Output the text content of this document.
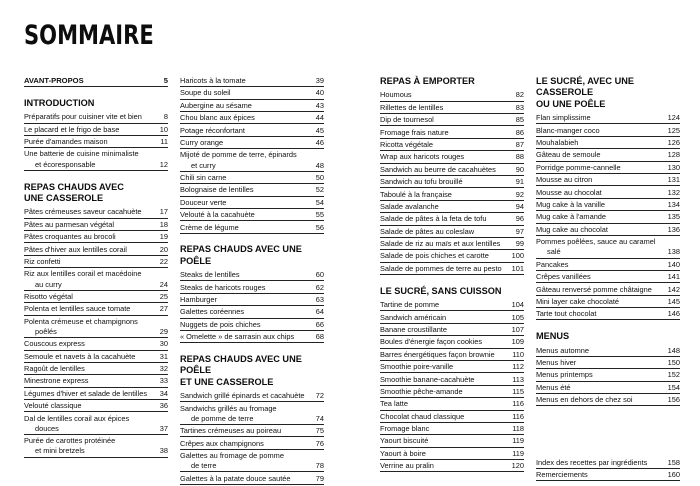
SOMMAIRE
AVANT-PROPOS	5
INTRODUCTION
Préparatifs pour cuisiner vite et bien	8
Le placard et le frigo de base	10
Purée d'amandes maison	11
Une batterie de cuisine minimaliste
et écoresponsable	12
REPAS CHAUDS AVEC
UNE CASSEROLE
Pâtes crémeuses saveur cacahuète	17
Pâtes au parmesan végétal	18
Pâtes croquantes au brocoli	19
Pâtes d'hiver aux lentilles corail	20
Riz confetti	22
Riz aux lentilles corail et macédoine
au curry	24
Risotto végétal	25
Polenta et lentilles sauce tomate	27
Polenta crémeuse et champignons
poêlés	29
Couscous express	30
Semoule et navets à la cacahuète	31
Ragoût de lentilles	32
Minestrone express	33
Légumes d'hiver et salade de lentilles	34
Velouté classique	36
Dal de lentilles corail aux épices
douces	37
Purée de carottes protéinée
et mini bretzels	38
Haricots à la tomate	39
Soupe du soleil	40
Aubergine au sésame	43
Chou blanc aux épices	44
Potage réconfortant	45
Curry orange	46
Mijoté de pomme de terre, épinards
et curry	48
Chili sin carne	50
Bolognaise de lentilles	52
Douceur verte	54
Velouté à la cacahuète	55
Crème de légume	56
REPAS CHAUDS AVEC UNE POÊLE
Steaks de lentilles	60
Steaks de haricots rouges	62
Hamburger	63
Galettes coréennes	64
Nuggets de pois chiches	66
« Omelette » de sarrasin aux chips	68
REPAS CHAUDS AVEC UNE POÊLE
ET UNE CASSEROLE
Sandwich grillé épinards et cacahuète	72
Sandwichs grillés au fromage
de pomme de terre	74
Tartines crémeuses au poireau	75
Crêpes aux champignons	76
Galettes au fromage de pomme
de terre	78
Galettes à la patate douce sautée	79
REPAS À EMPORTER
Houmous	82
Rillettes de lentilles	83
Dip de tournesol	85
Fromage frais nature	86
Ricotta végétale	87
Wrap aux haricots rouges	88
Sandwich au beurre de cacahuètes	90
Sandwich au tofu brouillé	91
Taboulé à la française	92
Salade avalanche	94
Salade de pâtes à la feta de tofu	96
Salade de pâtes au coleslaw	97
Salade de riz au maïs et aux lentilles	99
Salade de pois chiches et carotte	100
Salade de pommes de terre au pesto	101
LE SUCRÉ, SANS CUISSON
Tartine de pomme	104
Sandwich américain	105
Banane croustillante	107
Boules d'énergie façon cookies	109
Barres énergétiques façon brownie	110
Smoothie poire-vanille	112
Smoothie banane-cacahuète	113
Smoothie pêche-amande	115
Tea latte	116
Chocolat chaud classique	116
Fromage blanc	118
Yaourt biscuité	119
Yaourt à boire	119
Verrine au pralin	120
LE SUCRÉ, AVEC UNE CASSEROLE
OU UNE POÊLE
Flan simplissime	124
Blanc-manger coco	125
Mouhalabieh	126
Gâteau de semoule	128
Porridge pomme-cannelle	130
Mousse au citron	131
Mousse au chocolat	132
Mug cake à la vanille	134
Mug cake à l'amande	135
Mug cake au chocolat	136
Pommes poêlées, sauce au caramel
salé	138
Pancakes	140
Crêpes vanillées	141
Gâteau renversé pomme châtaigne	142
Mini layer cake chocolaté	145
Tarte tout chocolat	146
MENUS
Menus automne	148
Menus hiver	150
Menus printemps	152
Menus été	154
Menus en dehors de chez soi	156
Index des recettes par ingrédients	158
Remerciements	160
